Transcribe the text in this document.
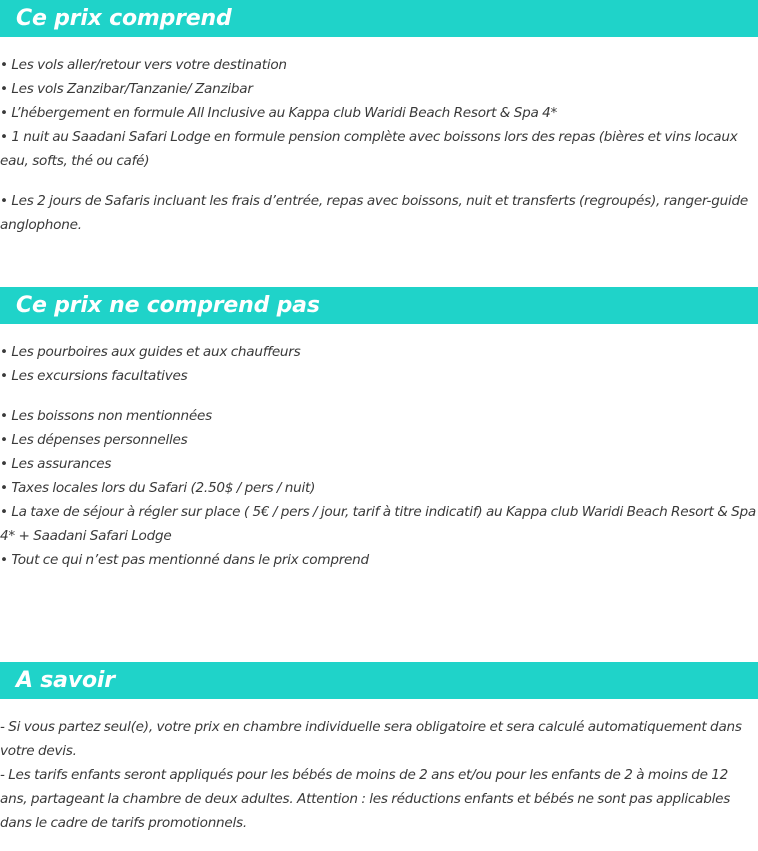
Ce prix comprend
• Les vols aller/retour vers votre destination
• Les vols Zanzibar/Tanzanie/ Zanzibar
• L’hébergement en formule All Inclusive au Kappa club Waridi Beach Resort & Spa 4*
• 1 nuit au Saadani Safari Lodge en formule pension complète avec boissons lors des repas (bières et vins locaux eau, softs, thé ou café)
• Les 2 jours de Safaris incluant les frais d’entrée, repas avec boissons, nuit et transferts (regroupés), ranger-guide anglophone.
Ce prix ne comprend pas
• Les pourboires aux guides et aux chauffeurs
• Les excursions facultatives
• Les boissons non mentionnées
• Les dépenses personnelles
• Les assurances
• Taxes locales lors du Safari (2.50$ / pers / nuit)
• La taxe de séjour à régler sur place ( 5€ / pers / jour, tarif à titre indicatif) au Kappa club Waridi Beach Resort & Spa 4* + Saadani Safari Lodge
• Tout ce qui n’est pas mentionné dans le prix comprend
A savoir
- Si vous partez seul(e), votre prix en chambre individuelle sera obligatoire et sera calculé automatiquement dans votre devis.
- Les tarifs enfants seront appliqués pour les bébés de moins de 2 ans et/ou pour les enfants de 2 à moins de 12 ans, partageant la chambre de deux adultes. Attention : les réductions enfants et bébés ne sont pas applicables dans le cadre de tarifs promotionnels.
